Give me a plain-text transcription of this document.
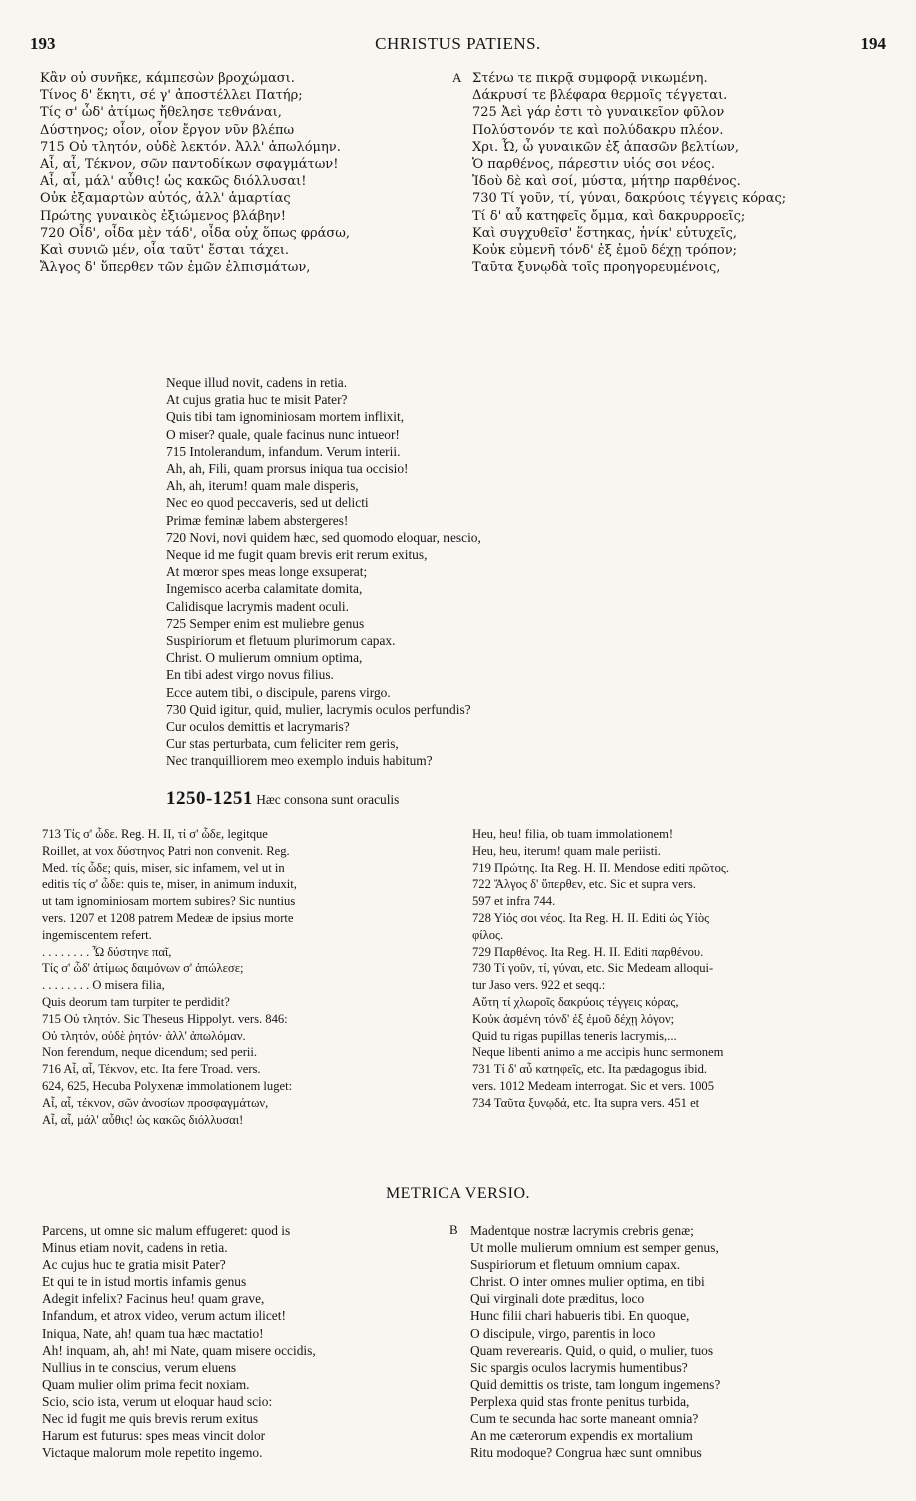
193	CHRISTUS PATIENS.	194
A
Κἂν οὐ συνῆκε, κάμπεσὼν βροχώμασι.
Τίνος δ' ἕκητι, σέ γ' ἀποστέλλει Πατήρ;
Τίς σ' ὧδ' ἀτίμως ἤθελησε τεθνάναι,
Δύστηνος; οἷον, οἷον ἔργον νῦν βλέπω
715 Οὐ τλητόν, οὐδὲ λεκτόν. Ἀλλ' ἀπωλόμην.
Αἶ, αἶ, Τέκνον, σῶν παντοδίκων σφαγμάτων!
Αἶ, αἶ, μάλ' αὖθις! ὡς κακῶς διόλλυσαι!
Οὐκ ἐξαμαρτὼν αὐτός, ἀλλ' ἁμαρτίας
Πρώτης γυναικὸς ἐξιώμενος βλάβην!
720 Οἶδ', οἶδα μὲν τάδ', οἶδα οὐχ ὅπως φράσω,
Καὶ συνιῶ μέν, οἷα ταῦτ' ἔσται τάχει.
Ἄλγος δ' ὕπερθεν τῶν ἐμῶν ἐλπισμάτων,
Στένω τε πικρᾷ συμφορᾷ νικωμένη.
Δάκρυσί τε βλέφαρα θερμοῖς τέγγεται.
725 Ἀεὶ γάρ ἐστι τὸ γυναικεῖον φῦλον
Πολύστονόν τε καὶ πολύδακρυ πλέον.
Χρι. Ὦ, ὦ γυναικῶν ἐξ ἁπασῶν βελτίων,
Ὁ παρθένος, πάρεστιν υἱός σοι νέος.
Ἰδοὺ δὲ καὶ σοί, μύστα, μήτηρ παρθένος.
730 Τί γοῦν, τί, γύναι, δακρύοις τέγγεις κόρας;
Τί δ' αὖ κατηφεῖς ὄμμα, καὶ δακρυρροεῖς;
Καὶ συγχυθεῖσ' ἕστηκας, ἡνίκ' εὐτυχεῖς,
Κοὐκ εὐμενῆ τόνδ' ἐξ ἐμοῦ δέχῃ τρόπον;
Ταῦτα ξυνῳδὰ τοῖς προηγορευμένοις,
Neque illud novit, cadens in retia.
At cujus gratia huc te misit Pater?
Quis tibi tam ignominiosam mortem inflixit,
O miser? quale, quale facinus nunc intueor!
715 Intolerandum, infandum. Verum interii.
Ah, ah, Fili, quam prorsus iniqua tua occisio!
Ah, ah, iterum! quam male disperis,
Nec eo quod peccaveris, sed ut delicti
Primæ feminæ labem abstergeres!
720 Novi, novi quidem hæc, sed quomodo eloquar, nescio,
Neque id me fugit quam brevis erit rerum exitus,
At mœror spes meas longe exsuperat;
Ingemisco acerba calamitate domita,
Calidisque lacrymis madent oculi.
725 Semper enim est muliebre genus
Suspiriorum et fletuum plurimorum capax.
Christ. O mulierum omnium optima,
En tibi adest virgo novus filius.
Ecce autem tibi, o discipule, parens virgo.
730 Quid igitur, quid, mulier, lacrymis oculos perfundis?
Cur oculos demittis et lacrymaris?
Cur stas perturbata, cum feliciter rem geris,
Nec tranquilliorem meo exemplo induis habitum?
1250-1251 Hæc consona sunt oraculis
713 Τίς σ' ὧδε. Reg. H. II, τί σ' ὧδε, legitque
Roillet, at vox δύστηνος Patri non convenit. Reg.
Med. τίς ὧδε; quis, miser, sic infamem, vel ut in
editis τίς σ' ὧδε: quis te, miser, in animum induxit,
ut tam ignominiosam mortem subires? Sic nuntius
vers. 1207 et 1208 patrem Medeæ de ipsius morte
ingemiscentem refert.
. . . . . . . . Ὦ δύστηνε παῖ,
Τίς σ' ὧδ' ἀτίμως δαιμόνων σ' ἀπώλεσε;
. . . . . . . . O misera filia,
Quis deorum tam turpiter te perdidit?
715 Οὐ τλητόν. Sic Theseus Hippolyt. vers. 846:
Οὐ τλητόν, οὐδὲ ῥητόν· ἀλλ' ἀπωλόμαν.
Non ferendum, neque dicendum; sed perii.
716 Αἶ, αἶ, Τέκνον, etc. Ita fere Troad. vers.
624, 625, Hecuba Polyxenæ immolationem luget:
Αἶ, αἶ, τέκνον, σῶν ἀνοσίων προσφαγμάτων,
Αἶ, αἶ, μάλ' αὖθις! ὡς κακῶς διόλλυσαι!
Heu, heu! filia, ob tuam immolationem!
Heu, heu, iterum! quam male periisti.
719 Πρώτης. Ita Reg. H. II. Mendose editi πρῶτος.
722 Ἄλγος δ' ὕπερθεν, etc. Sic et supra vers.
597 et infra 744.
728 Υἱός σοι νέος. Ita Reg. H. II. Editi ὡς Υἱὸς
φίλος.
729 Παρθένος. Ita Reg. H. II. Editi παρθένου.
730 Τί γοῦν, τί, γύναι, etc. Sic Medeam alloqui-
tur Jaso vers. 922 et seqq.:
Αὕτη τί χλωροῖς δακρύοις τέγγεις κόρας,
Κοὐκ ἀσμένη τόνδ' ἐξ ἐμοῦ δέχῃ λόγον;
Quid tu rigas pupillas teneris lacrymis,...
Neque libenti animo a me accipis hunc sermonem
731 Τί δ' αὖ κατηφεῖς, etc. Ita pædagogus ibid.
vers. 1012 Medeam interrogat. Sic et vers. 1005
734 Ταῦτα ξυνῳδά, etc. Ita supra vers. 451 et
METRICA VERSIO.
B
Parcens, ut omne sic malum effugeret: quod is
Minus etiam novit, cadens in retia.
Ac cujus huc te gratia misit Pater?
Et qui te in istud mortis infamis genus
Adegit infelix? Facinus heu! quam grave,
Infandum, et atrox video, verum actum ilicet!
Iniqua, Nate, ah! quam tua hæc mactatio!
Ah! inquam, ah, ah! mi Nate, quam misere occidis,
Nullius in te conscius, verum eluens
Quam mulier olim prima fecit noxiam.
Scio, scio ista, verum ut eloquar haud scio:
Nec id fugit me quis brevis rerum exitus
Harum est futurus: spes meas vincit dolor
Victaque malorum mole repetito ingemo.
Madentque nostræ lacrymis crebris genæ;
Ut molle mulierum omnium est semper genus,
Suspiriorum et fletuum omnium capax.
Christ. O inter omnes mulier optima, en tibi
Qui virginali dote præditus, loco
Hunc filii chari habueris tibi. En quoque,
O discipule, virgo, parentis in loco
Quam reverearis. Quid, o quid, o mulier, tuos
Sic spargis oculos lacrymis humentibus?
Quid demittis os triste, tam longum ingemens?
Perplexa quid stas fronte penitus turbida,
Cum te secunda hac sorte maneant omnia?
An me cæterorum expendis ex mortalium
Ritu modoque? Congrua hæc sunt omnibus
